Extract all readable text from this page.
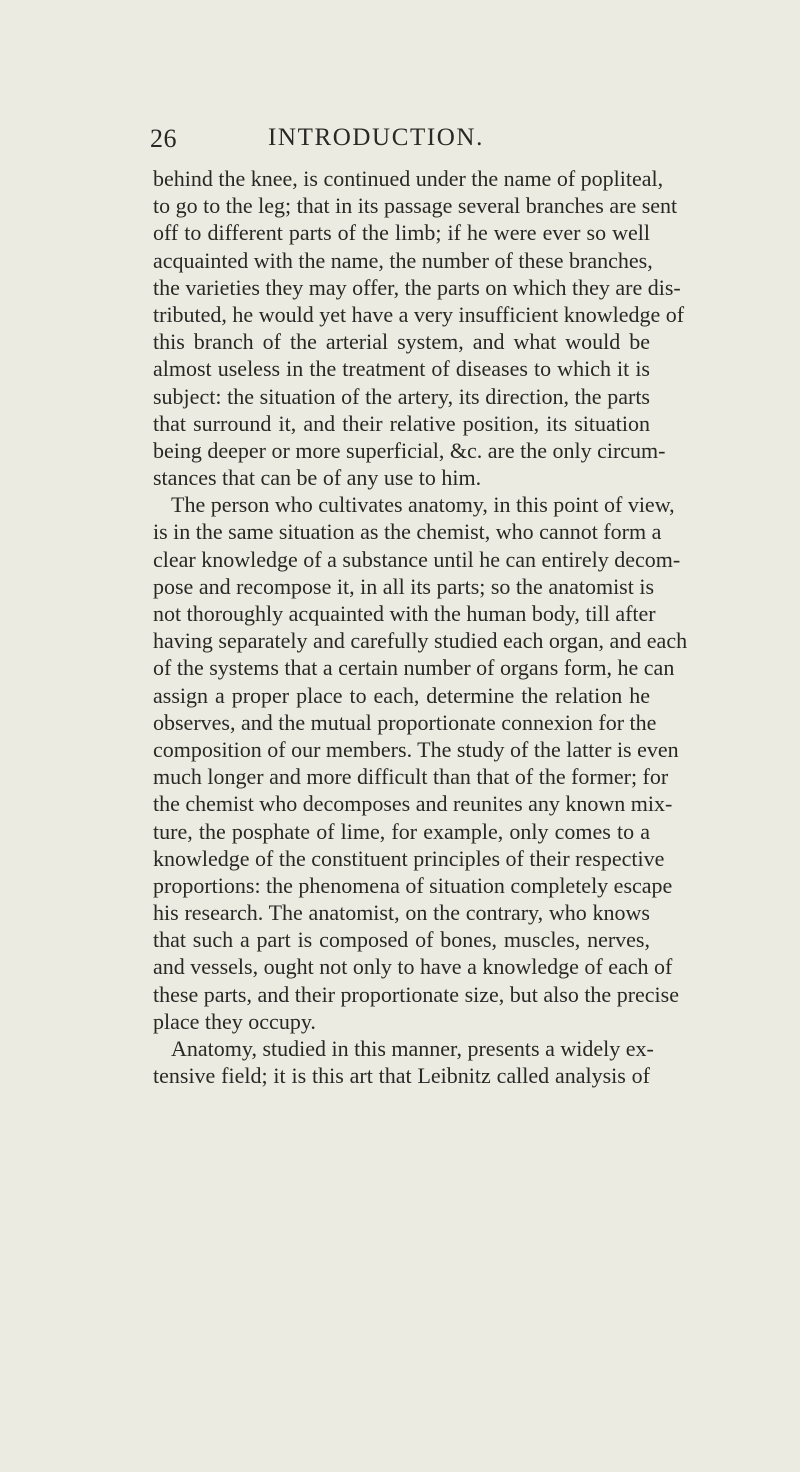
26	INTRODUCTION.
behind the knee, is continued under the name of popliteal,
to go to the leg; that in its passage several branches are sent
off to different parts of the limb; if he were ever so well
acquainted with the name, the number of these branches,
the varieties they may offer, the parts on which they are dis-
tributed, he would yet have a very insufficient knowledge of
this branch of the arterial system, and what would be
almost useless in the treatment of diseases to which it is
subject: the situation of the artery, its direction, the parts
that surround it, and their relative position, its situation
being deeper or more superficial, &c. are the only circum-
stances that can be of any use to him.
The person who cultivates anatomy, in this point of view,
is in the same situation as the chemist, who cannot form a
clear knowledge of a substance until he can entirely decom-
pose and recompose it, in all its parts; so the anatomist is
not thoroughly acquainted with the human body, till after
having separately and carefully studied each organ, and each
of the systems that a certain number of organs form, he can
assign a proper place to each, determine the relation he
observes, and the mutual proportionate connexion for the
composition of our members. The study of the latter is even
much longer and more difficult than that of the former; for
the chemist who decomposes and reunites any known mix-
ture, the posphate of lime, for example, only comes to a
knowledge of the constituent principles of their respective
proportions: the phenomena of situation completely escape
his research. The anatomist, on the contrary, who knows
that such a part is composed of bones, muscles, nerves,
and vessels, ought not only to have a knowledge of each of
these parts, and their proportionate size, but also the precise
place they occupy.
Anatomy, studied in this manner, presents a widely ex-
tensive field; it is this art that Leibnitz called analysis of
